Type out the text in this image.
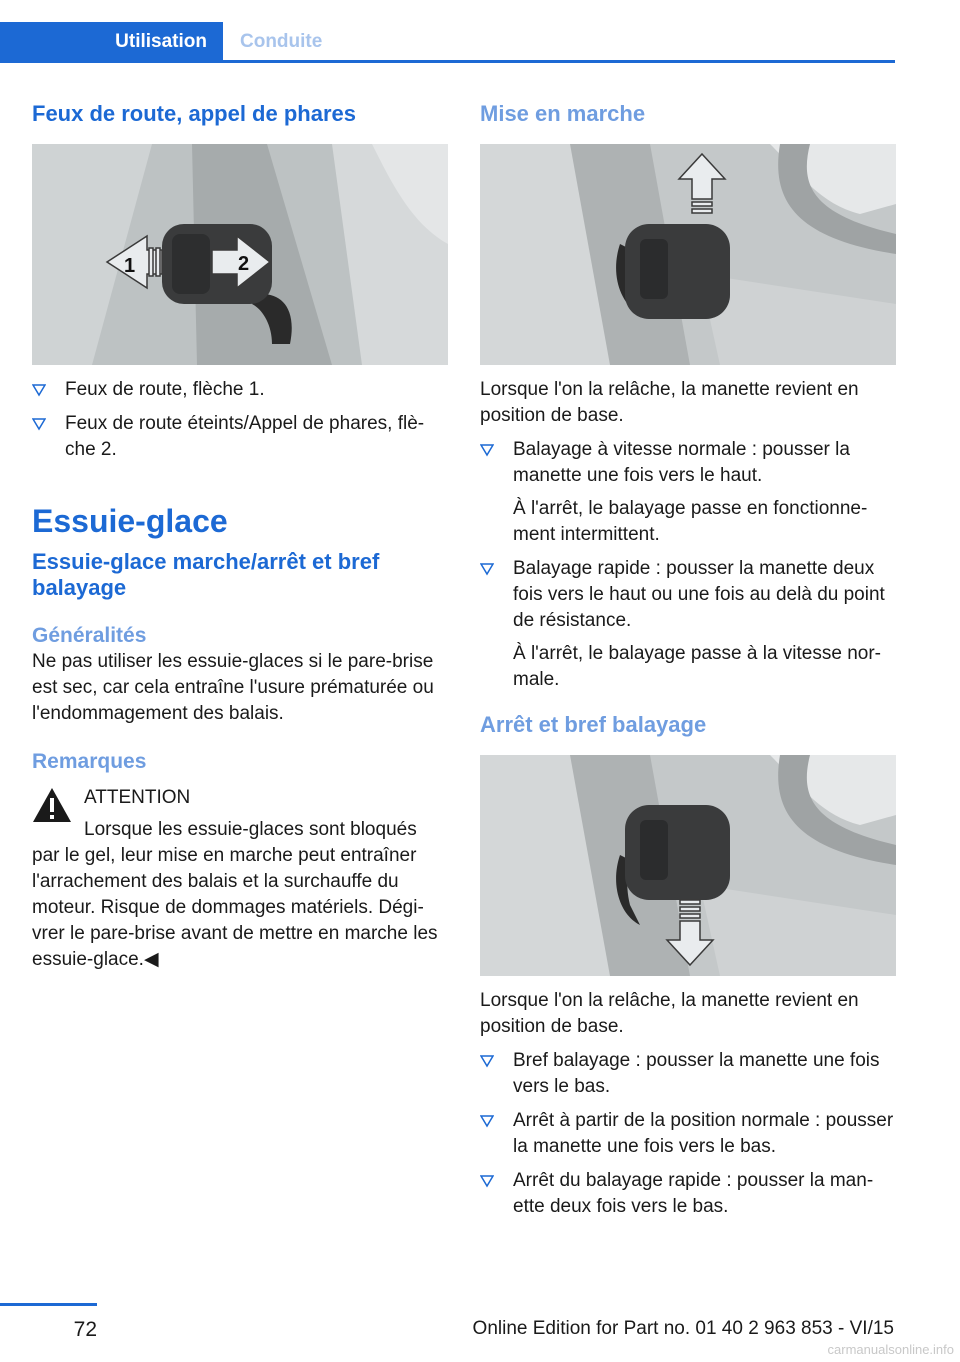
Utilisation	Conduite
Feux de route, appel de phares
1	2
Feux de route, flèche 1.
Feux de route éteints/Appel de phares, flèche 2.
Essuie-glace
Essuie-glace marche/arrêt et bref balayage
Généralités

Ne pas utiliser les essuie-glaces si le pare-brise est sec, car cela entraîne l'usure prématurée ou l'endommagement des balais.

Remarques

ATTENTION

Lorsque les essuie-glaces sont bloqués

par le gel, leur mise en marche peut entraîner l'arrachement des balais et la surchauffe du moteur. Risque de dommages matériels. Dégivrer le pare-brise avant de mettre en marche les essuie-glace.◀

Mise en marche

Lorsque l'on la relâche, la manette revient en position de base.

Balayage à vitesse normale : pousser la manette une fois vers le haut.
À l'arrêt, le balayage passe en fonctionnement intermittent.
Balayage rapide : pousser la manette deux fois vers le haut ou une fois au delà du point de résistance.
À l'arrêt, le balayage passe à la vitesse normale.
Arrêt et bref balayage

Lorsque l'on la relâche, la manette revient en position de base.

Bref balayage : pousser la manette une fois vers le bas.
Arrêt à partir de la position normale : pousser la manette une fois vers le bas.
Arrêt du balayage rapide : pousser la manette deux fois vers le bas.
72	Online Edition for Part no. 01 40 2 963 853 - VI/15
carmanualsonline.info
